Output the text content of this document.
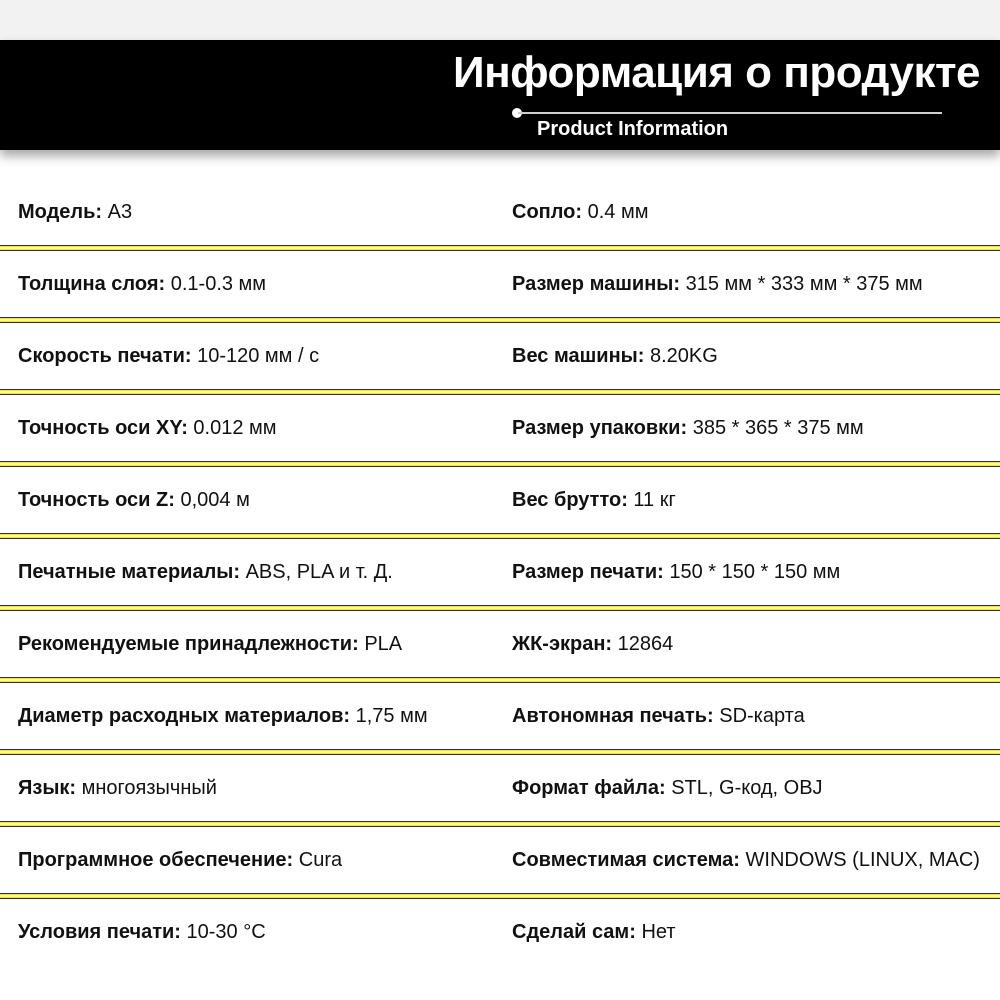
Информация о продукте
Product Information
Модель: A3	Сопло: 0.4 мм
Толщина слоя: 0.1-0.3 мм	Размер машины: 315 мм * 333 мм * 375 мм
Скорость печати: 10-120 мм / с	Вес машины: 8.20KG
Точность оси XY: 0.012 мм	Размер упаковки: 385 * 365 * 375 мм
Точность оси Z: 0,004 м	Вес брутто: 11 кг
Печатные материалы: ABS, PLA и т. Д.	Размер печати: 150 * 150 * 150 мм
Рекомендуемые принадлежности: PLA	ЖК-экран: 12864
Диаметр расходных материалов: 1,75 мм	Автономная печать: SD-карта
Язык: многоязычный	Формат файла: STL, G-код, OBJ
Программное обеспечение: Cura	Совместимая система: WINDOWS (LINUX, MAC)
Условия печати: 10-30 °C	Сделай сам: Нет
